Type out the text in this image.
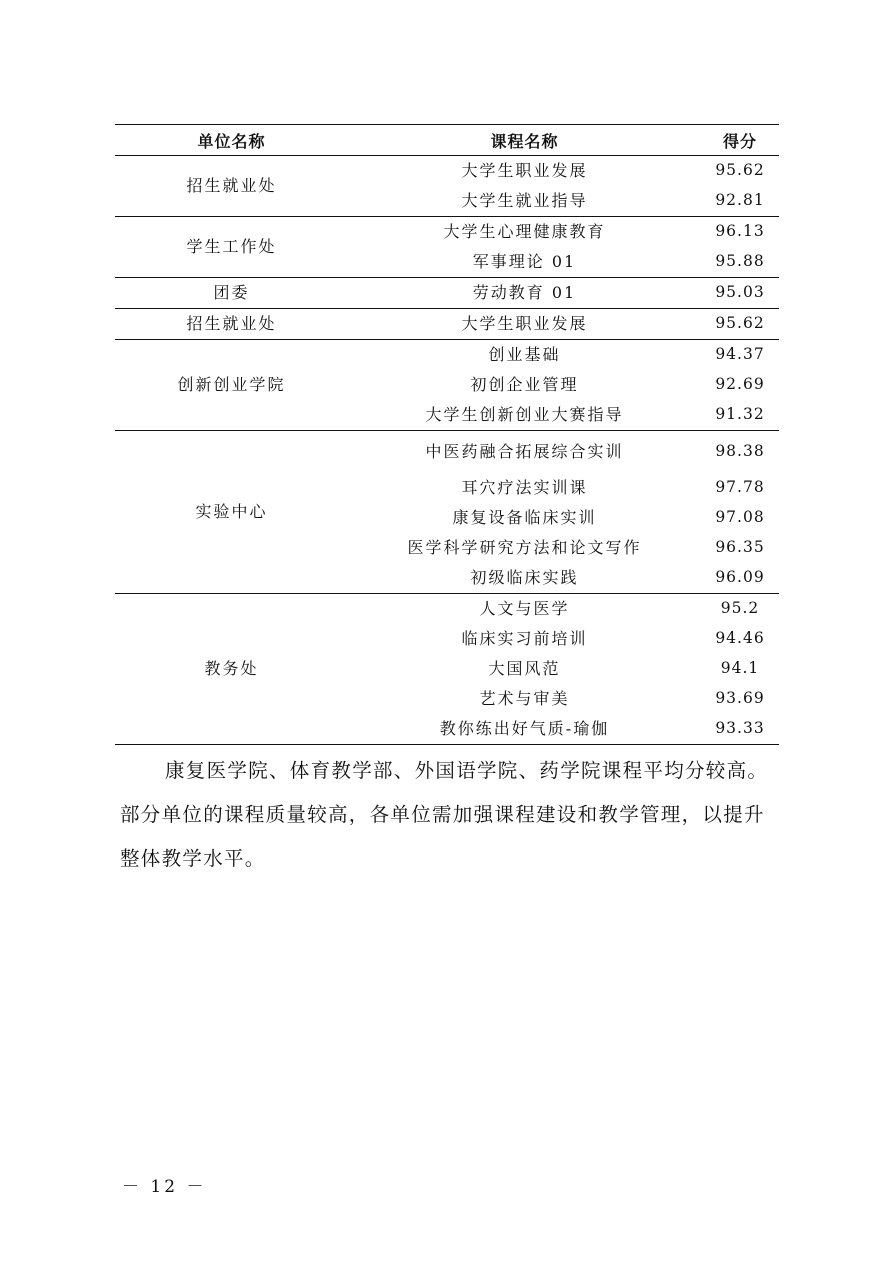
单位名称	课程名称	得分
招生就业处	大学生职业发展	95.62
	大学生就业指导	92.81
学生工作处	大学生心理健康教育	96.13
	军事理论 01	95.88
团委	劳动教育 01	95.03
招生就业处	大学生职业发展	95.62
创新创业学院	创业基础	94.37
	初创企业管理	92.69
	大学生创新创业大赛指导	91.32
实验中心	中医药融合拓展综合实训	98.38
	耳穴疗法实训课	97.78
	康复设备临床实训	97.08
	医学科学研究方法和论文写作	96.35
	初级临床实践	96.09
教务处	人文与医学	95.2
	临床实习前培训	94.46
	大国风范	94.1
	艺术与审美	93.69
	教你练出好气质-瑜伽	93.33

康复医学院、体育教学部、外国语学院、药学院课程平均分较高。部分单位的课程质量较高，各单位需加强课程建设和教学管理，以提升整体教学水平。

－ 12 －
